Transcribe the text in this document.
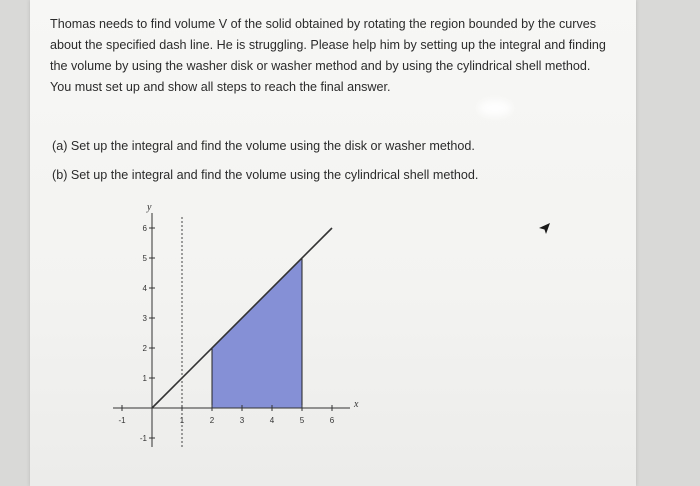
Thomas needs to find volume V of the solid obtained by rotating the region bounded by the curves
about the specified dash line. He is struggling. Please help him by setting up the integral and finding
the volume by using the washer disk or washer method and by using the cylindrical shell method.
You must set up and show all steps to reach the final answer.
(a) Set up the integral and find the volume using the disk or washer method.
(b) Set up the integral and find the volume using the cylindrical shell method.
-1	1	2	3	4	5	6
-1
1
2
3
4
5
6
x
y
